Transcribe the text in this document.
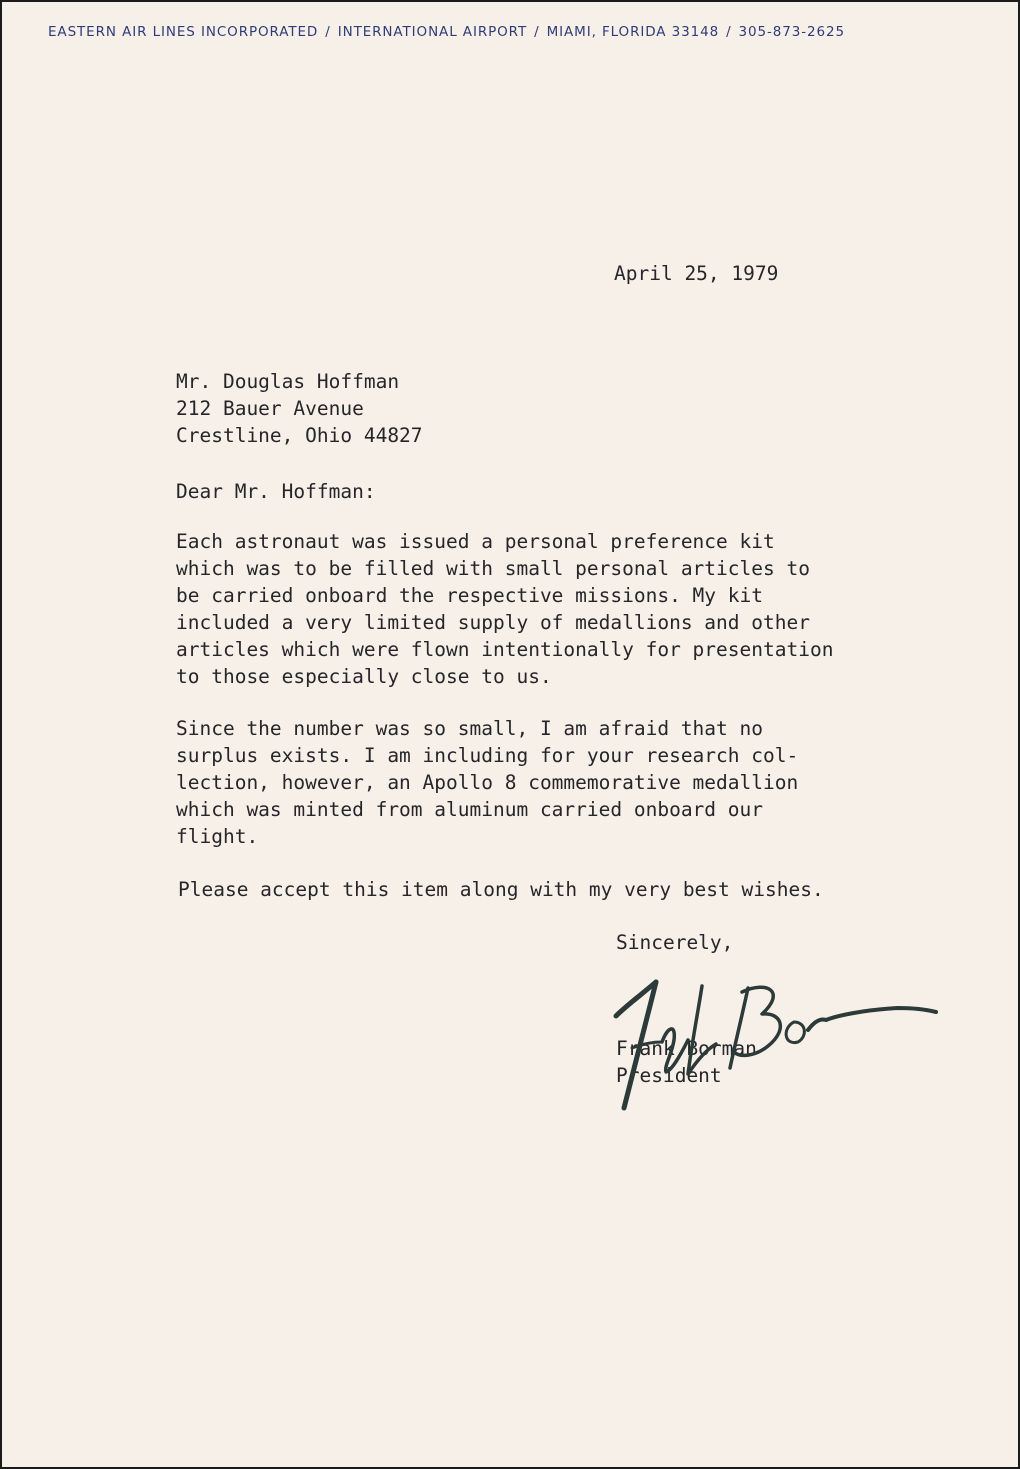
EASTERN AIR LINES INCORPORATED / INTERNATIONAL AIRPORT / MIAMI, FLORIDA 33148 / 305-873-2625
April 25, 1979
Mr. Douglas Hoffman
212 Bauer Avenue
Crestline, Ohio 44827
Dear Mr. Hoffman:
Each astronaut was issued a personal preference kit
which was to be filled with small personal articles to
be carried onboard the respective missions. My kit
included a very limited supply of medallions and other
articles which were flown intentionally for presentation
to those especially close to us.
Since the number was so small, I am afraid that no
surplus exists. I am including for your research col-
lection, however, an Apollo 8 commemorative medallion
which was minted from aluminum carried onboard our
flight.
Please accept this item along with my very best wishes.
Sincerely,
Frank Borman
President
